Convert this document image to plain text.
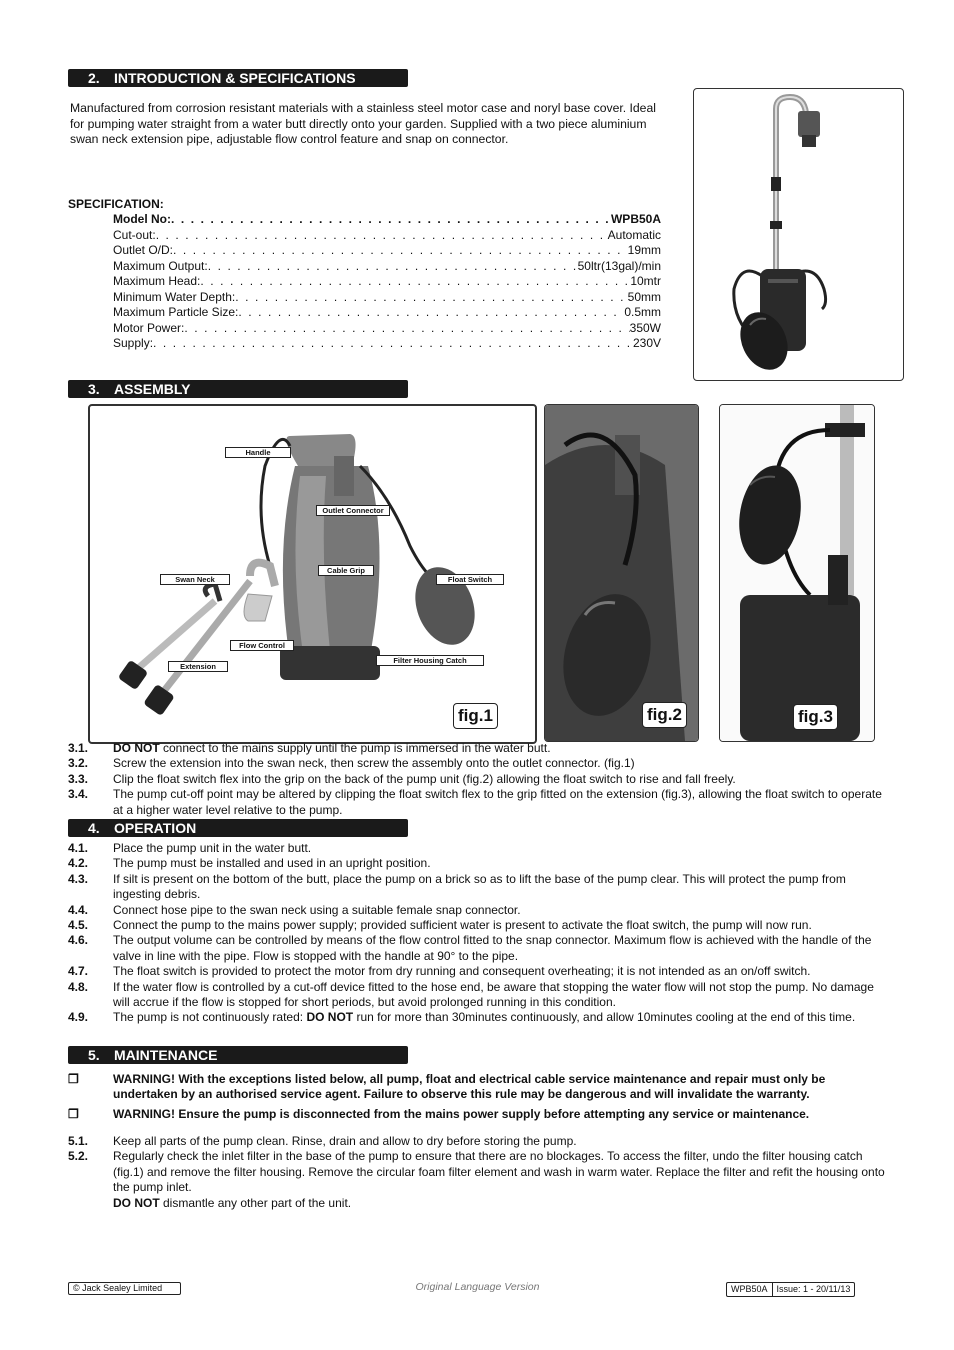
2. INTRODUCTION & SPECIFICATIONS
Manufactured from corrosion resistant materials with a stainless steel motor case and noryl base cover. Ideal for pumping water straight from a water butt directly onto your garden. Supplied with a two piece aluminium swan neck extension pipe, adjustable flow control feature and snap on connector.
SPECIFICATION:
Model No: . . .	WPB50A
Cut-out: . . .	Automatic
Outlet O/D: . . .	19mm
Maximum Output: . . .	50ltr(13gal)/min
Maximum Head: . . .	10mtr
Minimum Water Depth: . . .	50mm
Maximum Particle Size: . . .	0.5mm
Motor Power: . . .	350W
Supply: . . .	230V
3. ASSEMBLY
Handle
Outlet Connector
Cable Grip
Swan Neck	Float Switch
Flow Control
Extension
Filter Housing Catch
fig.1	fig.2	fig.3
3.1.	DO NOT connect to the mains supply until the pump is immersed in the water butt.
3.2.	Screw the extension into the swan neck, then screw the assembly onto the outlet connector. (fig.1)
3.3.	Clip the float switch flex into the grip on the back of the pump unit (fig.2) allowing the float switch to rise and fall freely.
3.4.	The pump cut-off point may be altered by clipping the float switch flex to the grip fitted on the extension (fig.3), allowing the float switch to operate at a higher water level relative to the pump.
4. OPERATION
4.1.	Place the pump unit in the water butt.
4.2.	The pump must be installed and used in an upright position.
4.3.	If silt is present on the bottom of the butt, place the pump on a brick so as to lift the base of the pump clear. This will protect the pump from ingesting debris.
4.4.	Connect hose pipe to the swan neck using a suitable female snap connector.
4.5.	Connect the pump to the mains power supply; provided sufficient water is present to activate the float switch, the pump will now run.
4.6.	The output volume can be controlled by means of the flow control fitted to the snap connector. Maximum flow is achieved with the handle of the valve in line with the pipe. Flow is stopped with the handle at 90° to the pipe.
4.7.	The float switch is provided to protect the motor from dry running and consequent overheating; it is not intended as an on/off switch.
4.8.	If the water flow is controlled by a cut-off device fitted to the hose end, be aware that stopping the water flow will not stop the pump. No damage will accrue if the flow is stopped for short periods, but avoid prolonged running in this condition.
4.9.	The pump is not continuously rated: DO NOT run for more than 30minutes continuously, and allow 10minutes cooling at the end of this time.
5. MAINTENANCE
❒	WARNING! With the exceptions listed below, all pump, float and electrical cable service maintenance and repair must only be undertaken by an authorised service agent. Failure to observe this rule may be dangerous and will invalidate the warranty.
❒	WARNING! Ensure the pump is disconnected from the mains power supply before attempting any service or maintenance.
5.1.	Keep all parts of the pump clean. Rinse, drain and allow to dry before storing the pump.
5.2.	Regularly check the inlet filter in the base of the pump to ensure that there are no blockages. To access the filter, undo the filter housing catch (fig.1) and remove the filter housing. Remove the circular foam filter element and wash in warm water. Replace the filter and refit the housing onto the pump inlet.
DO NOT dismantle any other part of the unit.
© Jack Sealey Limited	Original Language Version	WPB50A	Issue: 1 - 20/11/13
